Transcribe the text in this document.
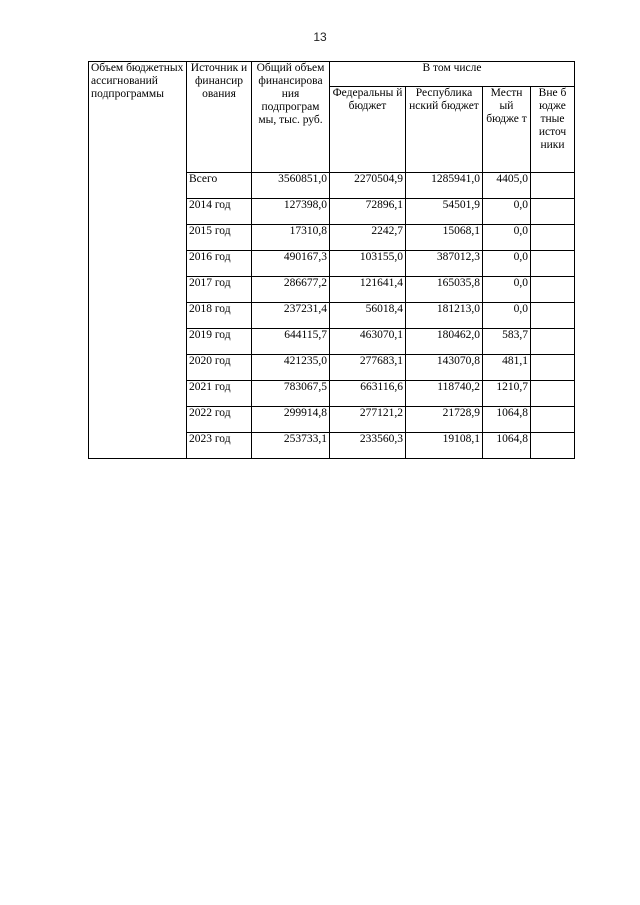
13
Объем бюджетных ассигнований подпрограммы	Источник и финансир ования	Общий объем финансирова ния подпрограм мы, тыс. руб.	В том числе			
			Федеральны й бюджет	Республика нский бюджет	Местн ый бюдже т	Вне б юдже тные источ ники
	Всего	3560851,0	2270504,9	1285941,0	4405,0	
	2014 год	127398,0	72896,1	54501,9	0,0	
	2015 год	17310,8	2242,7	15068,1	0,0	
	2016 год	490167,3	103155,0	387012,3	0,0	
	2017 год	286677,2	121641,4	165035,8	0,0	
	2018 год	237231,4	56018,4	181213,0	0,0	
	2019 год	644115,7	463070,1	180462,0	583,7	
	2020 год	421235,0	277683,1	143070,8	481,1	
	2021 год	783067,5	663116,6	118740,2	1210,7	
	2022 год	299914,8	277121,2	21728,9	1064,8	
	2023 год	253733,1	233560,3	19108,1	1064,8	
